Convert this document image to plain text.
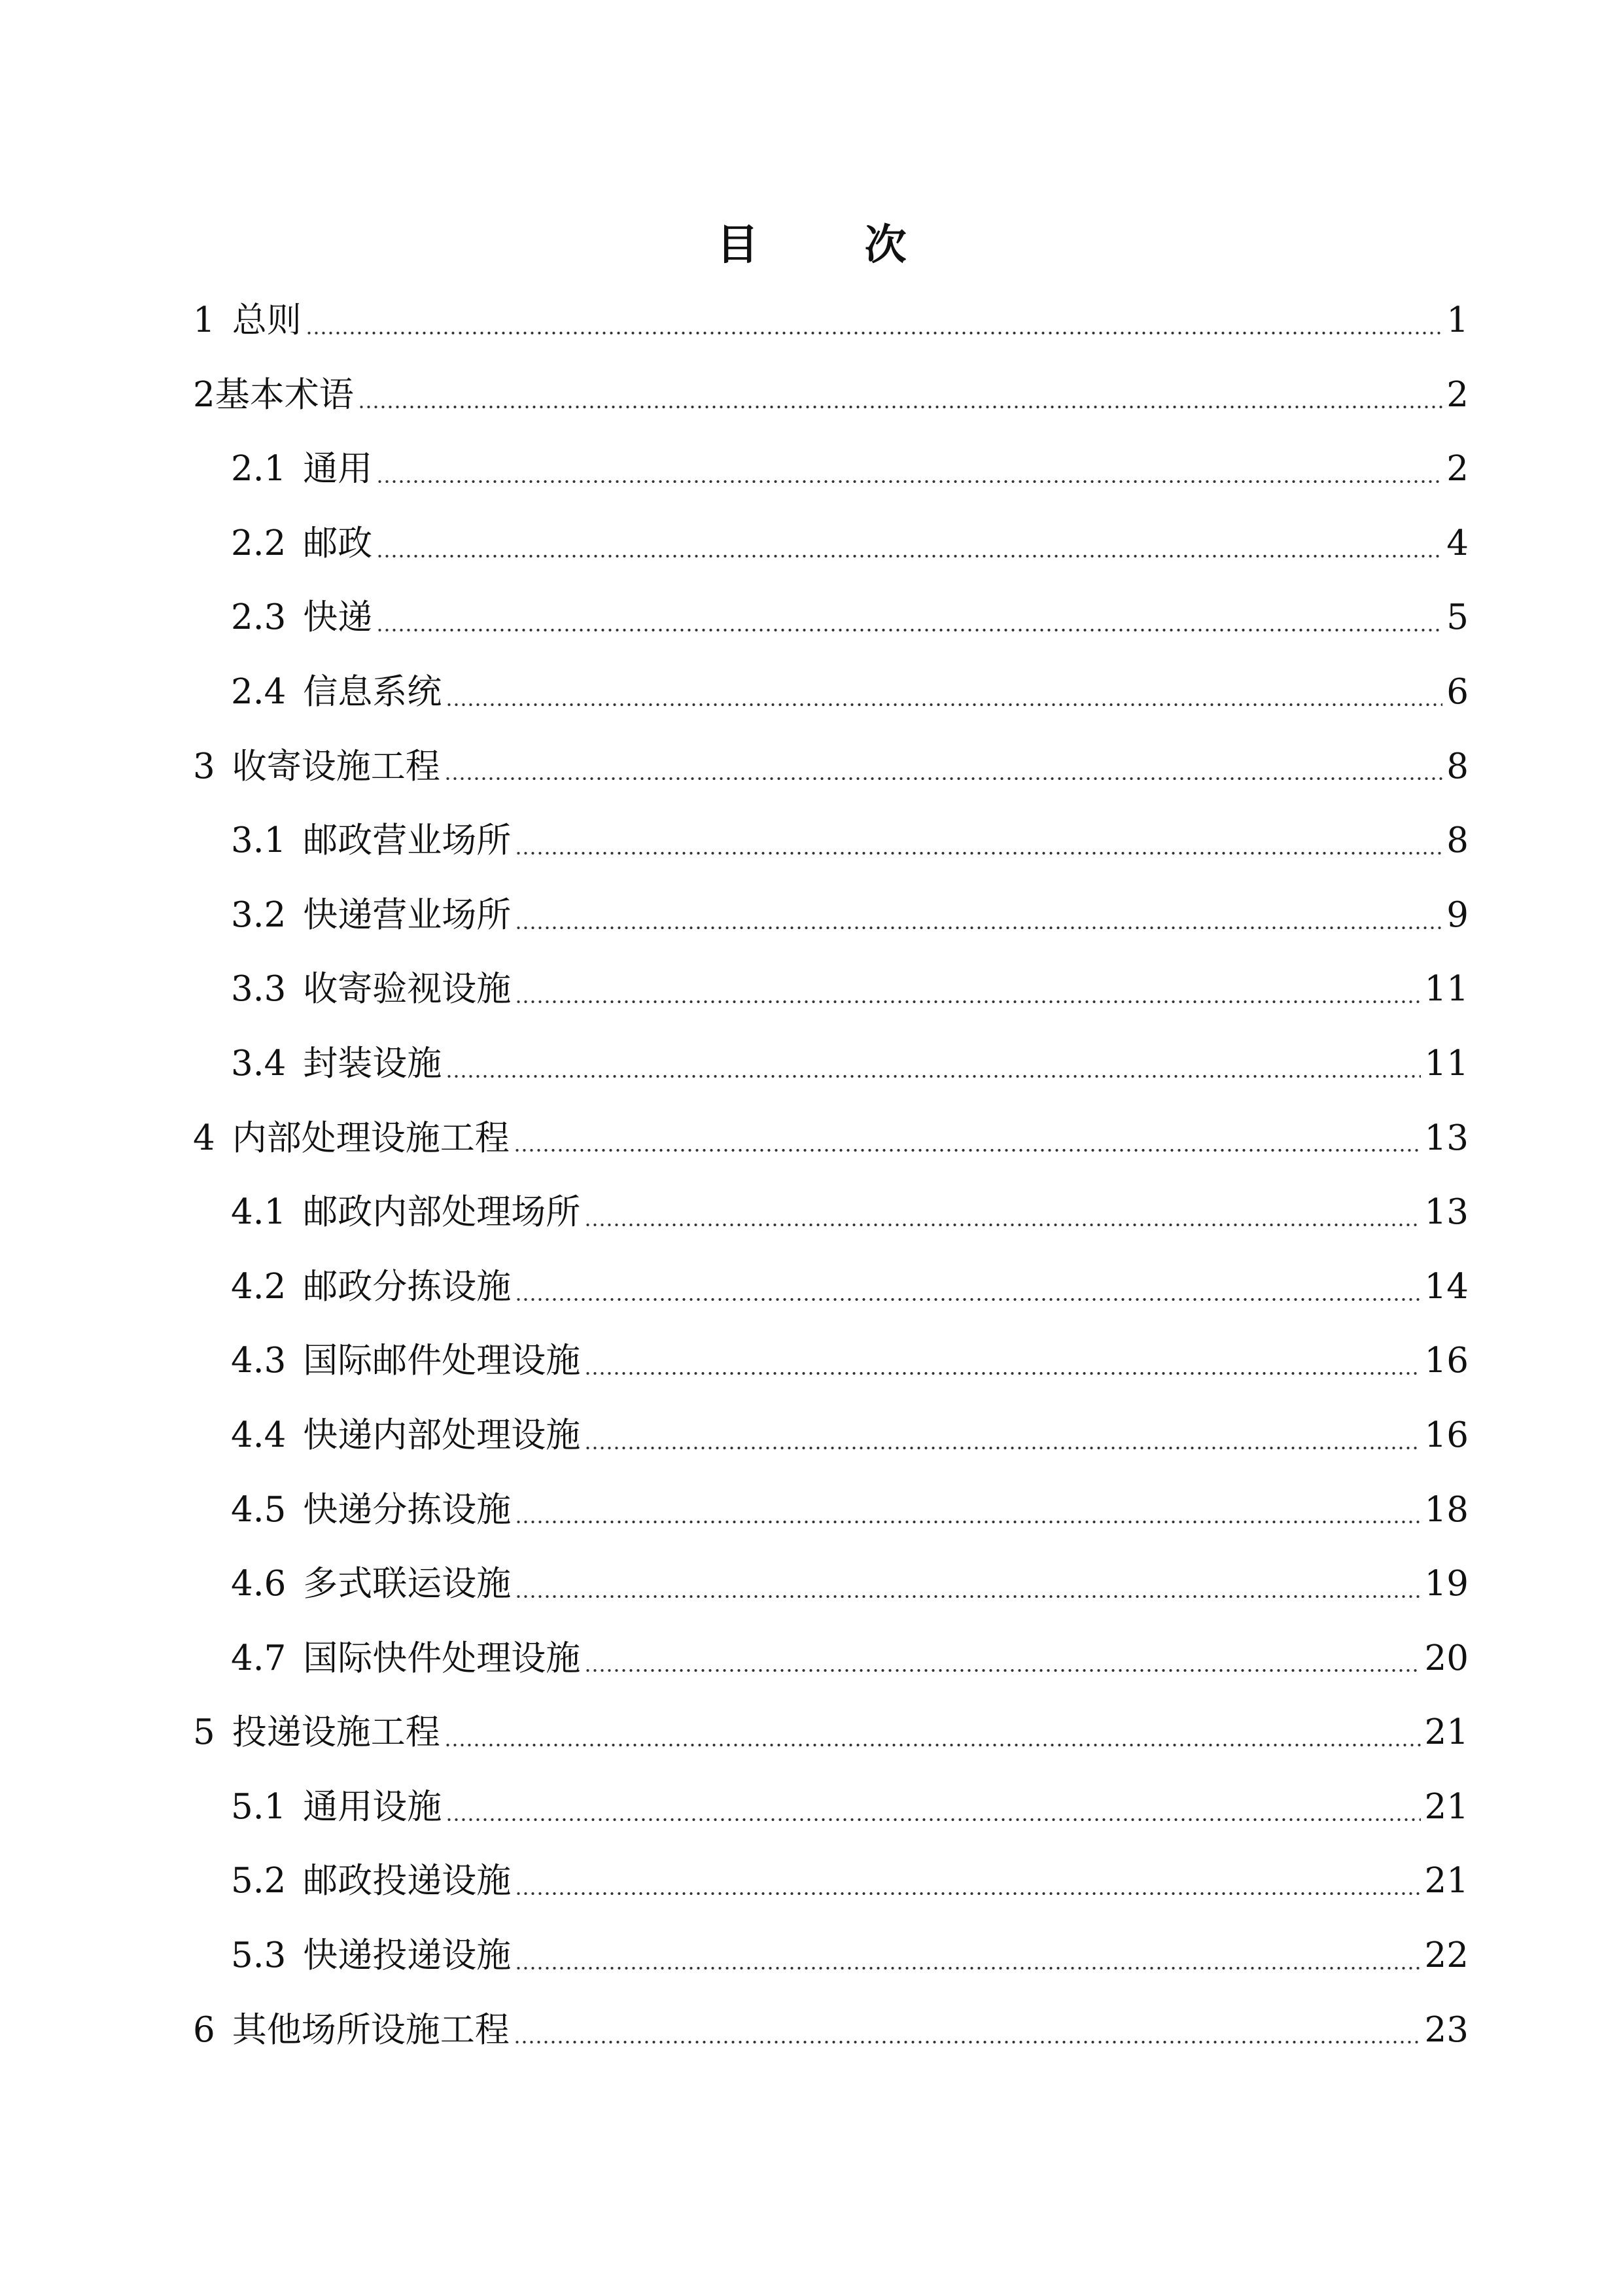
目 次
1 总则	1
2 基本术语	2
2.1 通用	2
2.2 邮政	4
2.3 快递	5
2.4 信息系统	6
3 收寄设施工程	8
3.1 邮政营业场所	8
3.2 快递营业场所	9
3.3 收寄验视设施	11
3.4 封装设施	11
4 内部处理设施工程	13
4.1 邮政内部处理场所	13
4.2 邮政分拣设施	14
4.3 国际邮件处理设施	16
4.4 快递内部处理设施	16
4.5 快递分拣设施	18
4.6 多式联运设施	19
4.7 国际快件处理设施	20
5 投递设施工程	21
5.1 通用设施	21
5.2 邮政投递设施	21
5.3 快递投递设施	22
6 其他场所设施工程	23
